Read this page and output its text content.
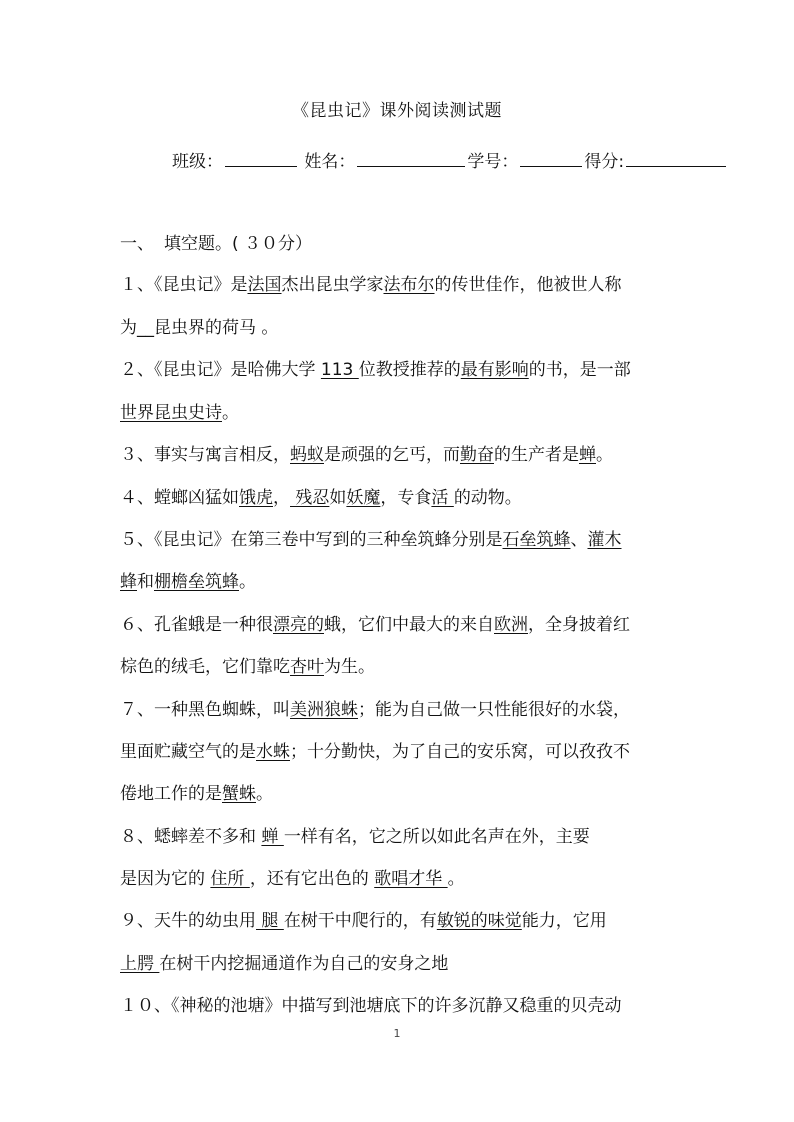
《昆虫记》课外阅读测试题
班级：	姓名：	学号：	得分:
一、 填空题。( ３０分）
１、《昆虫记》是法国杰出昆虫学家法布尔的传世佳作，他被世人称
为__昆虫界的荷马 。
２、《昆虫记》是哈佛大学 113 位教授推荐的最有影响的书，是一部
世界昆虫史诗。
３、事实与寓言相反，蚂蚁是顽强的乞丐，而勤奋的生产者是蝉。
４、螳螂凶猛如饿虎， 残忍如妖魔，专食活 的动物。
５、《昆虫记》在第三卷中写到的三种垒筑蜂分别是石垒筑蜂、灌木
蜂和棚檐垒筑蜂。
６、孔雀蛾是一种很漂亮的蛾，它们中最大的来自欧洲，全身披着红
棕色的绒毛，它们靠吃杏叶为生。
７、一种黑色蜘蛛，叫美洲狼蛛；能为自己做一只性能很好的水袋，
里面贮藏空气的是水蛛；十分勤快，为了自己的安乐窝，可以孜孜不
倦地工作的是蟹蛛。
８、蟋蟀差不多和 蝉 一样有名，它之所以如此名声在外，主要
是因为它的 住所 ，还有它出色的 歌唱才华 。
９、天牛的幼虫用 腿 在树干中爬行的，有敏锐的味觉能力，它用
上腭 在树干内挖掘通道作为自己的安身之地
１０、《神秘的池塘》中描写到池塘底下的许多沉静又稳重的贝壳动
1
